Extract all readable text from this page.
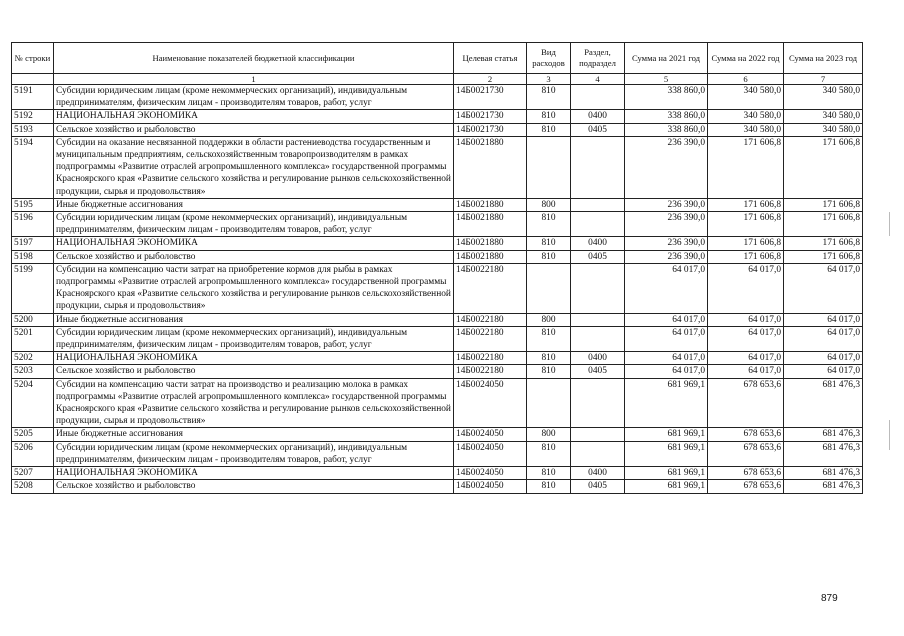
№ строки	Наименование показателей бюджетной классификации	Целевая статья	Вид расходов	Раздел, подраздел	Сумма на 2021 год	Сумма на 2022 год	Сумма на 2023 год
	1	2	3	4	5	6	7
5191	Субсидии юридическим лицам (кроме некоммерческих организаций), индивидуальным предпринимателям, физическим лицам - производителям товаров, работ, услуг	14Б0021730	810		338 860,0	340 580,0	340 580,0
5192	НАЦИОНАЛЬНАЯ ЭКОНОМИКА	14Б0021730	810	0400	338 860,0	340 580,0	340 580,0
5193	Сельское хозяйство и рыболовство	14Б0021730	810	0405	338 860,0	340 580,0	340 580,0
5194	Субсидии на оказание несвязанной поддержки в области растениеводства государственным и муниципальным предприятиям, сельскохозяйственным товаропроизводителям в рамках подпрограммы «Развитие отраслей агропромышленного комплекса» государственной программы Красноярского края «Развитие сельского хозяйства и регулирование рынков сельскохозяйственной продукции, сырья и продовольствия»	14Б0021880			236 390,0	171 606,8	171 606,8
5195	Иные бюджетные ассигнования	14Б0021880	800		236 390,0	171 606,8	171 606,8
5196	Субсидии юридическим лицам (кроме некоммерческих организаций), индивидуальным предпринимателям, физическим лицам - производителям товаров, работ, услуг	14Б0021880	810		236 390,0	171 606,8	171 606,8
5197	НАЦИОНАЛЬНАЯ ЭКОНОМИКА	14Б0021880	810	0400	236 390,0	171 606,8	171 606,8
5198	Сельское хозяйство и рыболовство	14Б0021880	810	0405	236 390,0	171 606,8	171 606,8
5199	Субсидии на компенсацию части затрат на приобретение кормов для рыбы в рамках подпрограммы «Развитие отраслей агропромышленного комплекса» государственной программы Красноярского края «Развитие сельского хозяйства и регулирование рынков сельскохозяйственной продукции, сырья и продовольствия»	14Б0022180			64 017,0	64 017,0	64 017,0
5200	Иные бюджетные ассигнования	14Б0022180	800		64 017,0	64 017,0	64 017,0
5201	Субсидии юридическим лицам (кроме некоммерческих организаций), индивидуальным предпринимателям, физическим лицам - производителям товаров, работ, услуг	14Б0022180	810		64 017,0	64 017,0	64 017,0
5202	НАЦИОНАЛЬНАЯ ЭКОНОМИКА	14Б0022180	810	0400	64 017,0	64 017,0	64 017,0
5203	Сельское хозяйство и рыболовство	14Б0022180	810	0405	64 017,0	64 017,0	64 017,0
5204	Субсидии на компенсацию части затрат на производство и реализацию молока в рамках подпрограммы «Развитие отраслей агропромышленного комплекса» государственной программы Красноярского края «Развитие сельского хозяйства и регулирование рынков сельскохозяйственной продукции, сырья и продовольствия»	14Б0024050			681 969,1	678 653,6	681 476,3
5205	Иные бюджетные ассигнования	14Б0024050	800		681 969,1	678 653,6	681 476,3
5206	Субсидии юридическим лицам (кроме некоммерческих организаций), индивидуальным предпринимателям, физическим лицам - производителям товаров, работ, услуг	14Б0024050	810		681 969,1	678 653,6	681 476,3
5207	НАЦИОНАЛЬНАЯ ЭКОНОМИКА	14Б0024050	810	0400	681 969,1	678 653,6	681 476,3
5208	Сельское хозяйство и рыболовство	14Б0024050	810	0405	681 969,1	678 653,6	681 476,3
879
